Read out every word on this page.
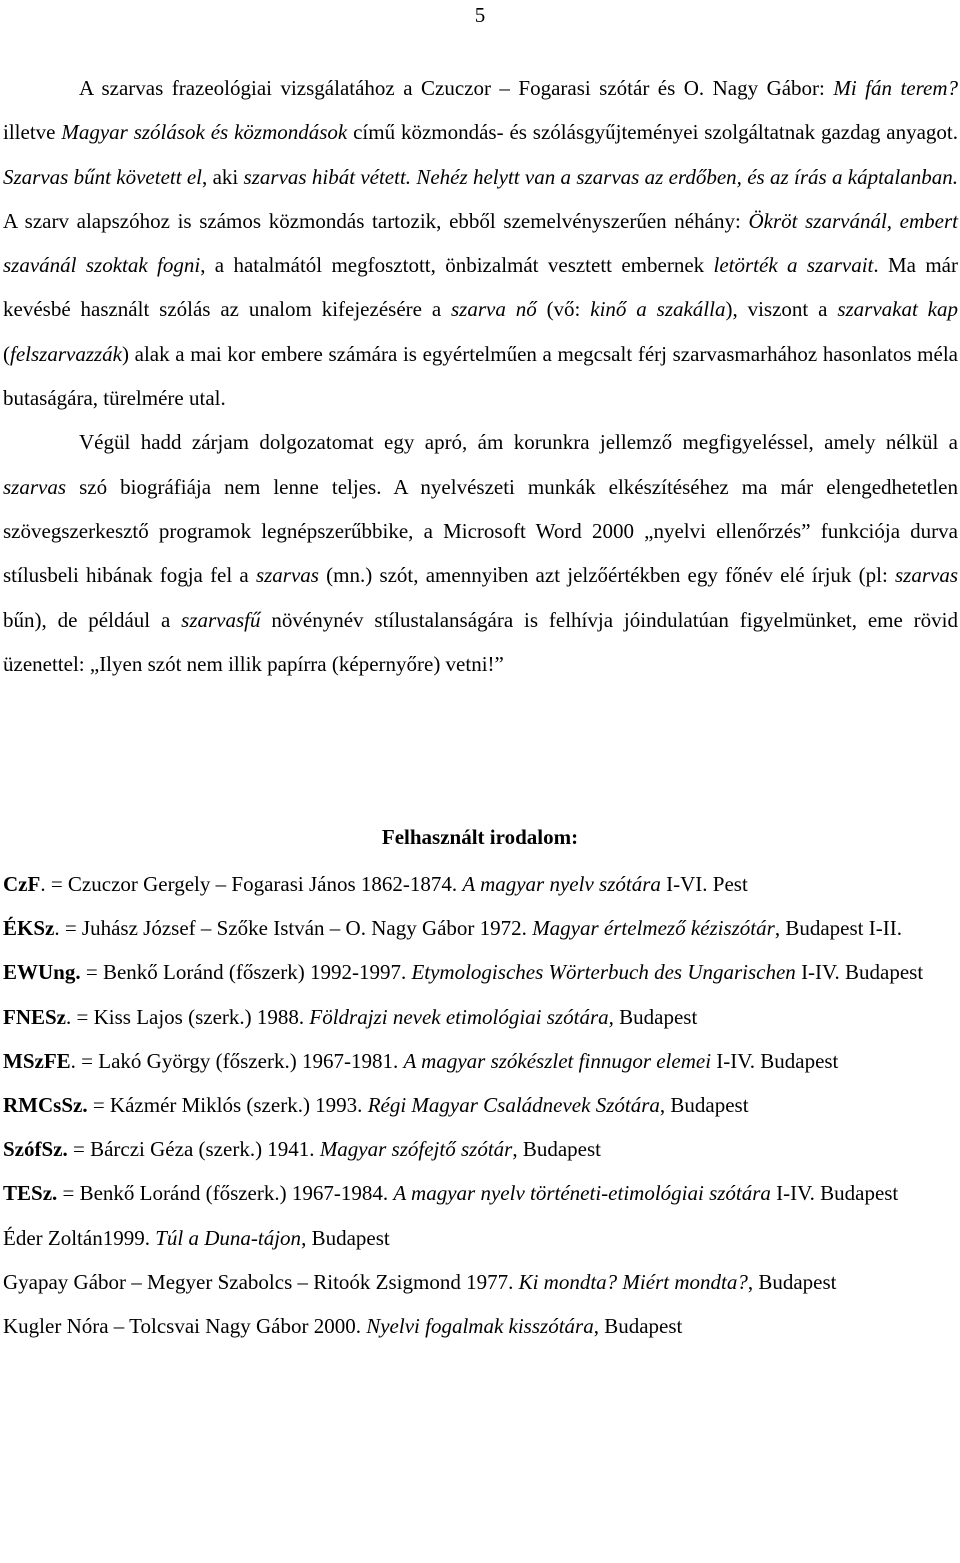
5

A szarvas frazeológiai vizsgálatához a Czuczor – Fogarasi szótár és O. Nagy Gábor: Mi fán terem? illetve Magyar szólások és közmondások című közmondás- és szólásgyűjteményei szolgáltatnak gazdag anyagot. Szarvas bűnt követett el, aki szarvas hibát vétett. Nehéz helytt van a szarvas az erdőben, és az írás a káptalanban. A szarv alapszóhoz is számos közmondás tartozik, ebből szemelvényszerűen néhány: Ökröt szarvánál, embert szavánál szoktak fogni, a hatalmától megfosztott, önbizalmát vesztett embernek letörték a szarvait. Ma már kevésbé használt szólás az unalom kifejezésére a szarva nő (vő: kinő a szakálla), viszont a szarvakat kap (felszarvazzák) alak a mai kor embere számára is egyértelműen a megcsalt férj szarvasmarhához hasonlatos méla butaságára, türelmére utal.

Végül hadd zárjam dolgozatomat egy apró, ám korunkra jellemző megfigyeléssel, amely nélkül a szarvas szó biográfiája nem lenne teljes. A nyelvészeti munkák elkészítéséhez ma már elengedhetetlen szövegszerkesztő programok legnépszerűbbike, a Microsoft Word 2000 „nyelvi ellenőrzés” funkciója durva stílusbeli hibának fogja fel a szarvas (mn.) szót, amennyiben azt jelzőértékben egy főnév elé írjuk (pl: szarvas bűn), de például a szarvasfű növénynév stílustalanságára is felhívja jóindulatúan figyelmünket, eme rövid üzenettel: „Ilyen szót nem illik papírra (képernyőre) vetni!”

Felhasznált irodalom:

CzF. = Czuczor Gergely – Fogarasi János 1862-1874. A magyar nyelv szótára I-VI. Pest

ÉKSz. = Juhász József – Szőke István – O. Nagy Gábor 1972. Magyar értelmező kéziszótár, Budapest I-II.

EWUng. = Benkő Loránd (főszerk) 1992-1997. Etymologisches Wörterbuch des Ungarischen I-IV. Budapest

FNESz. = Kiss Lajos (szerk.) 1988. Földrajzi nevek etimológiai szótára, Budapest

MSzFE. = Lakó György (főszerk.) 1967-1981. A magyar szókészlet finnugor elemei I-IV. Budapest

RMCsSz. = Kázmér Miklós (szerk.) 1993. Régi Magyar Családnevek Szótára, Budapest

SzófSz. = Bárczi Géza (szerk.) 1941. Magyar szófejtő szótár, Budapest

TESz. = Benkő Loránd (főszerk.) 1967-1984. A magyar nyelv történeti-etimológiai szótára I-IV. Budapest

Éder Zoltán1999. Túl a Duna-tájon, Budapest

Gyapay Gábor – Megyer Szabolcs – Ritoók Zsigmond 1977. Ki mondta? Miért mondta?, Budapest

Kugler Nóra – Tolcsvai Nagy Gábor 2000. Nyelvi fogalmak kisszótára, Budapest
